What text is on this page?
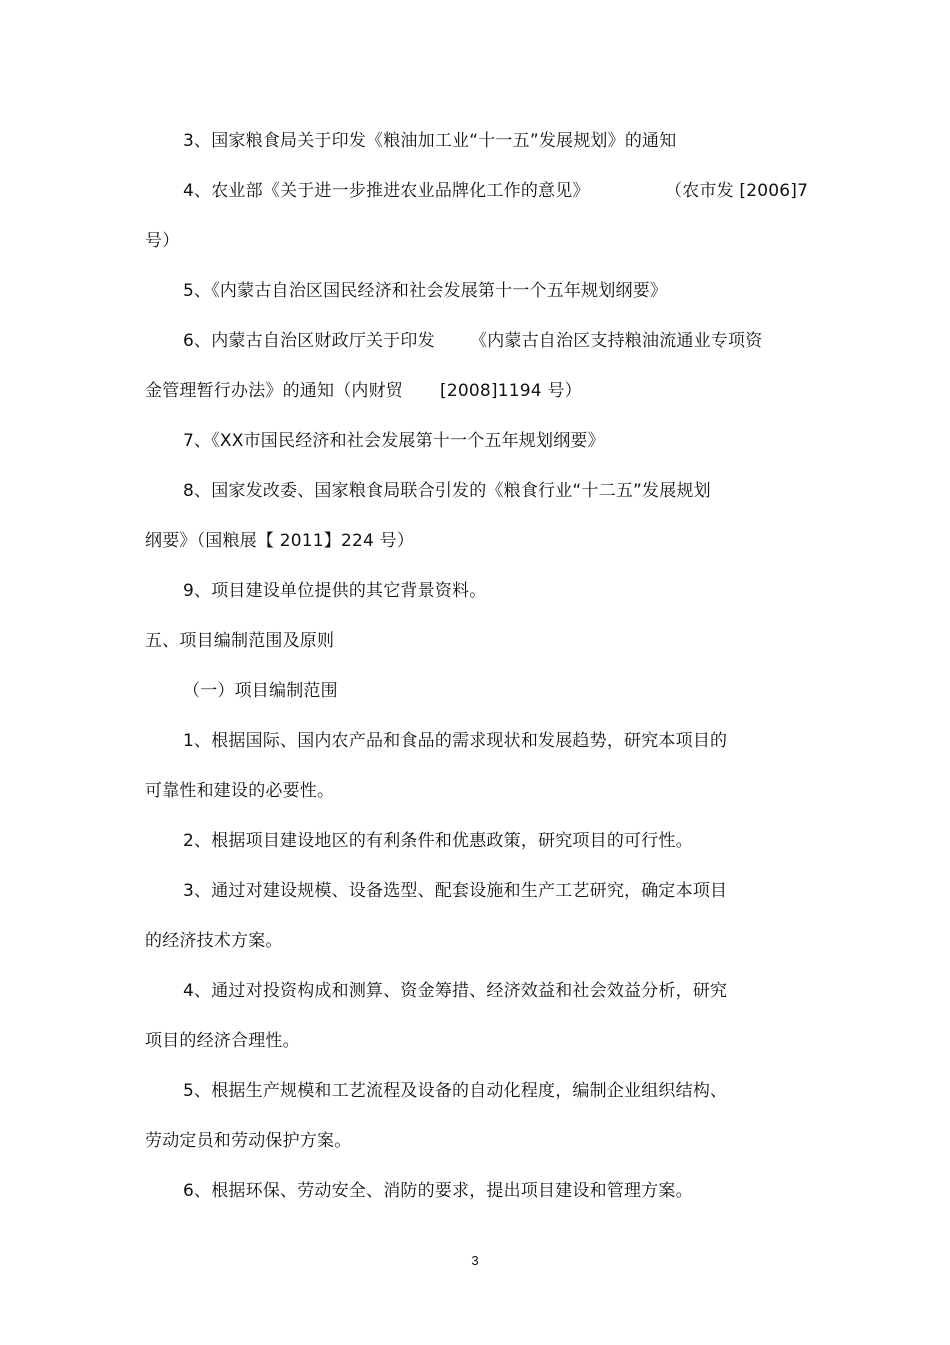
3、国家粮食局关于印发《粮油加工业“十一五”发展规划》的通知
4、农业部《关于进一步推进农业品牌化工作的意见》	（农市发 [2006]7
号）
5、《内蒙古自治区国民经济和社会发展第十一个五年规划纲要》
6、内蒙古自治区财政厅关于印发 《内蒙古自治区支持粮油流通业专项资
金管理暂行办法》的通知（内财贸 [2008]1194 号）
7、《XX市国民经济和社会发展第十一个五年规划纲要》
8、国家发改委、国家粮食局联合引发的《粮食行业“十二五”发展规划
纲要》（国粮展【 2011】224 号）
9、项目建设单位提供的其它背景资料。
五、项目编制范围及原则
（一）项目编制范围
1、根据国际、国内农产品和食品的需求现状和发展趋势，研究本项目的
可靠性和建设的必要性。
2、根据项目建设地区的有利条件和优惠政策，研究项目的可行性。
3、通过对建设规模、设备选型、配套设施和生产工艺研究，确定本项目
的经济技术方案。
4、通过对投资构成和测算、资金筹措、经济效益和社会效益分析，研究
项目的经济合理性。
5、根据生产规模和工艺流程及设备的自动化程度，编制企业组织结构、
劳动定员和劳动保护方案。
6、根据环保、劳动安全、消防的要求，提出项目建设和管理方案。
3
